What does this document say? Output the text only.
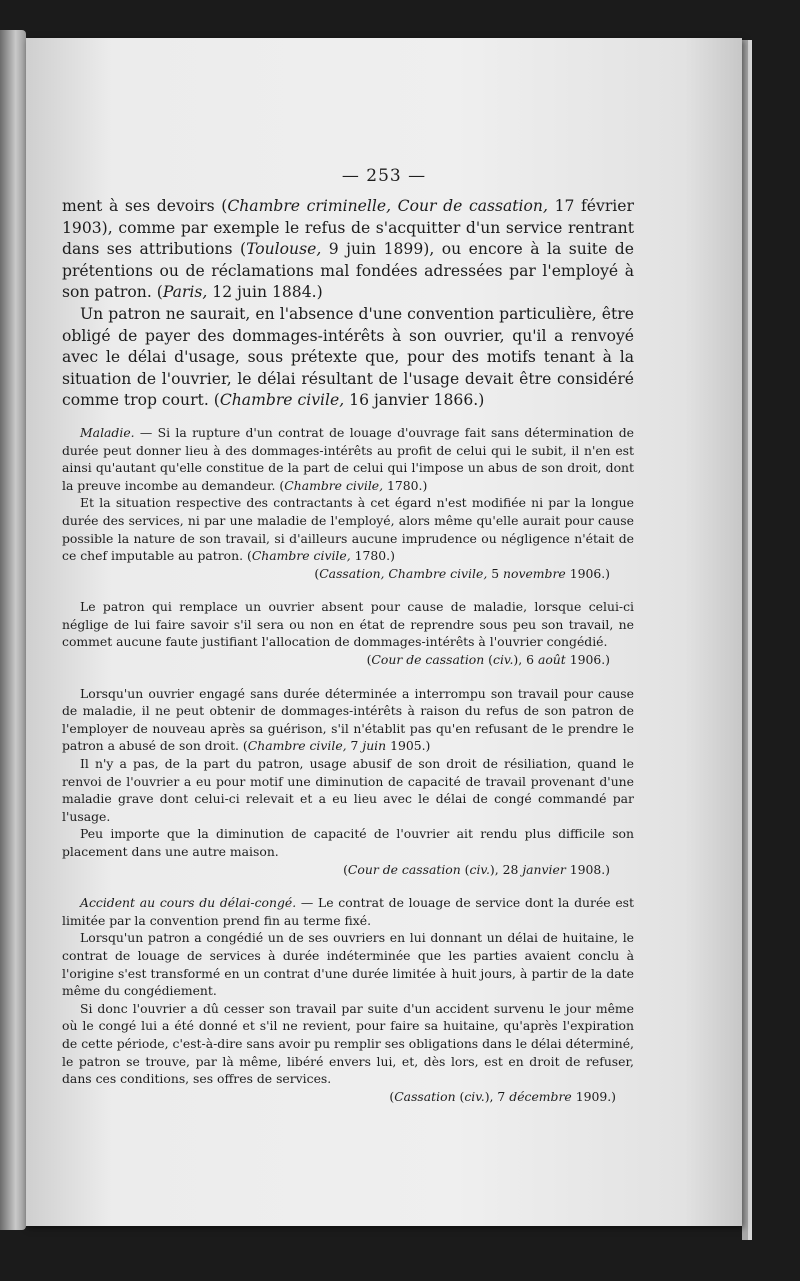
— 253 —

ment à ses devoirs (Chambre criminelle, Cour de cassation, 17 février 1903), comme par exemple le refus de s'acquitter d'un service rentrant dans ses attributions (Toulouse, 9 juin 1899), ou encore à la suite de prétentions ou de réclamations mal fondées adressées par l'employé à son patron. (Paris, 12 juin 1884.)

Un patron ne saurait, en l'absence d'une convention particulière, être obligé de payer des dommages-intérêts à son ouvrier, qu'il a renvoyé avec le délai d'usage, sous prétexte que, pour des motifs tenant à la situation de l'ouvrier, le délai résultant de l'usage devait être considéré comme trop court. (Chambre civile, 16 janvier 1866.)

Maladie. — Si la rupture d'un contrat de louage d'ouvrage fait sans détermination de durée peut donner lieu à des dommages-intérêts au profit de celui qui le subit, il n'en est ainsi qu'autant qu'elle constitue de la part de celui qui l'impose un abus de son droit, dont la preuve incombe au demandeur. (Chambre civile, 1780.)

Et la situation respective des contractants à cet égard n'est modifiée ni par la longue durée des services, ni par une maladie de l'employé, alors même qu'elle aurait pour cause possible la nature de son travail, si d'ailleurs aucune imprudence ou négligence n'était de ce chef imputable au patron. (Chambre civile, 1780.)

(Cassation, Chambre civile, 5 novembre 1906.)

Le patron qui remplace un ouvrier absent pour cause de maladie, lorsque celui-ci néglige de lui faire savoir s'il sera ou non en état de reprendre sous peu son travail, ne commet aucune faute justifiant l'allocation de dommages-intérêts à l'ouvrier congédié.

(Cour de cassation (civ.), 6 août 1906.)

Lorsqu'un ouvrier engagé sans durée déterminée a interrompu son travail pour cause de maladie, il ne peut obtenir de dommages-intérêts à raison du refus de son patron de l'employer de nouveau après sa guérison, s'il n'établit pas qu'en refusant de le prendre le patron a abusé de son droit. (Chambre civile, 7 juin 1905.)

Il n'y a pas, de la part du patron, usage abusif de son droit de résiliation, quand le renvoi de l'ouvrier a eu pour motif une diminution de capacité de travail provenant d'une maladie grave dont celui-ci relevait et a eu lieu avec le délai de congé commandé par l'usage.

Peu importe que la diminution de capacité de l'ouvrier ait rendu plus difficile son placement dans une autre maison.

(Cour de cassation (civ.), 28 janvier 1908.)

Accident au cours du délai-congé. — Le contrat de louage de service dont la durée est limitée par la convention prend fin au terme fixé.

Lorsqu'un patron a congédié un de ses ouvriers en lui donnant un délai de huitaine, le contrat de louage de services à durée indéterminée que les parties avaient conclu à l'origine s'est transformé en un contrat d'une durée limitée à huit jours, à partir de la date même du congédiement.

Si donc l'ouvrier a dû cesser son travail par suite d'un accident survenu le jour même où le congé lui a été donné et s'il ne revient, pour faire sa huitaine, qu'après l'expiration de cette période, c'est-à-dire sans avoir pu remplir ses obligations dans le délai déterminé, le patron se trouve, par là même, libéré envers lui, et, dès lors, est en droit de refuser, dans ces conditions, ses offres de services.

(Cassation (civ.), 7 décembre 1909.)
